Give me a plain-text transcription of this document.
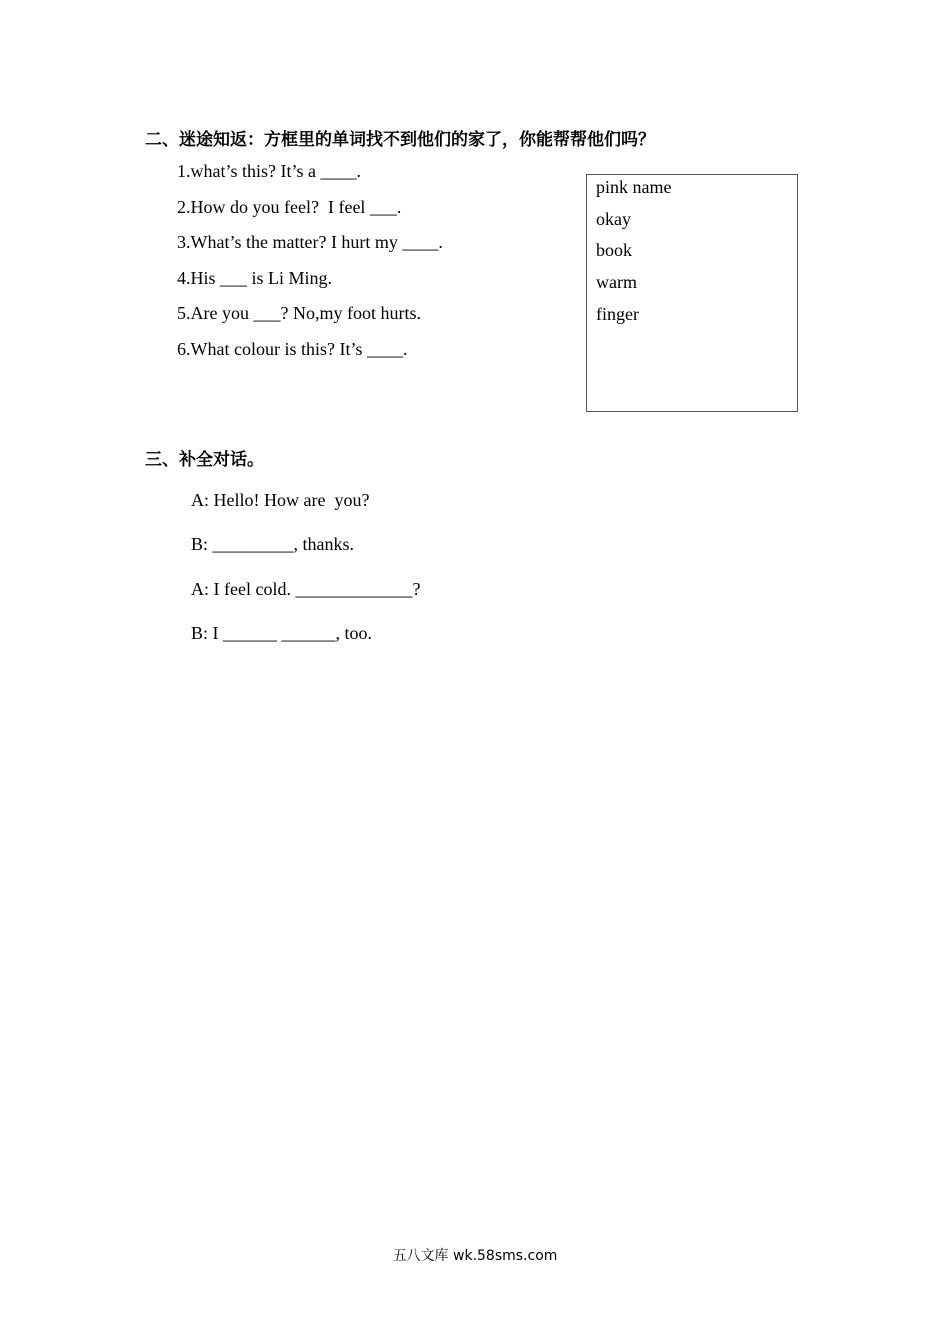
二、迷途知返：方框里的单词找不到他们的家了，你能帮帮他们吗？
1.what’s this? It’s a ____.
2.How do you feel?  I feel ___.
3.What’s the matter? I hurt my ____.
4.His ___ is Li Ming.
5.Are you ___? No,my foot hurts.
6.What colour is this? It’s ____.
pink name
okay
book
warm
finger
三、补全对话。
A: Hello! How are  you?
B: _________, thanks.
A: I feel cold. _____________?
B: I ______ ______, too.
五八文库 wk.58sms.com
